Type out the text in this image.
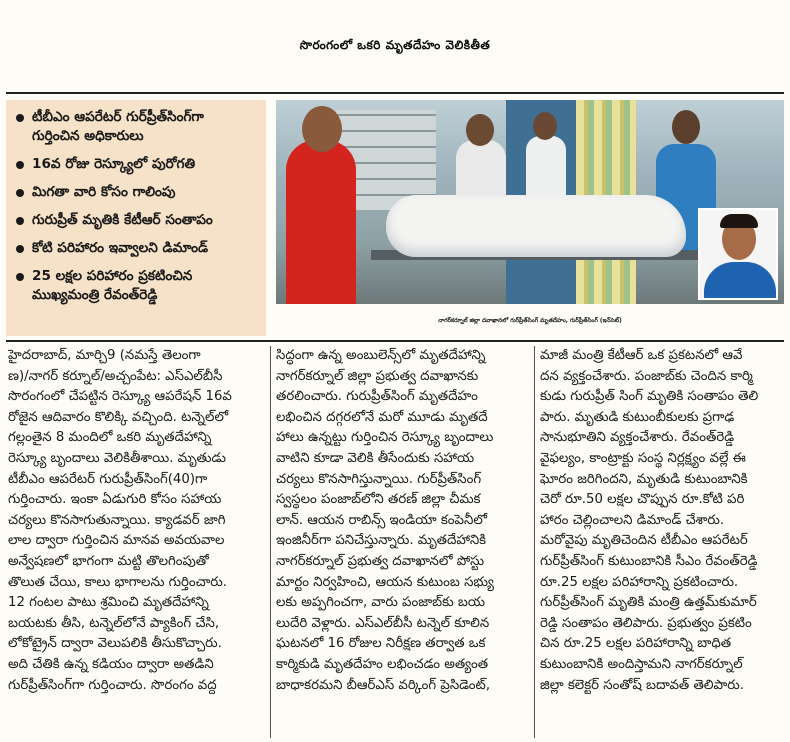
సొరంగంలో ఒకరి మృతదేహం వెలికితీత
టీబీఎం ఆపరేటర్ గుర్‌ప్రీత్‌సింగ్‌గా
గుర్తించిన అధికారులు
16వ రోజు రెస్క్యూలో పురోగతి
మిగతా వారి కోసం గాలింపు
గురుప్రీత్ మృతికి కేటీఆర్ సంతాపం
కోటి పరిహారం ఇవ్వాలని డిమాండ్
25 లక్షల పరిహారం ప్రకటించిన
ముఖ్యమంత్రి రేవంత్‌రెడ్డి
నాగర్‌కర్నూల్ జిల్లా దవాఖానలో గుర్‌ప్రీత్‌సింగ్ మృతదేహం, గుర్‌ప్రీత్‌సింగ్ (ఇన్‌సెట్)
హైదరాబాద్, మార్చి9 (నమస్తే తెలంగా
ణ)/నాగర్ కర్నూల్/అచ్చంపేట: ఎస్ఎల్‌బీసీ
సొరంగంలో చేపట్టిన రెస్క్యూ ఆపరేషన్ 16వ
రోజైన ఆదివారం కొలిక్కి వచ్చింది. టన్నెల్‌లో
గల్లంతైన 8 మందిలో ఒకరి మృతదేహాన్ని
రెస్క్యూ బృందాలు వెలికితీశాయి. మృతుడు
టీబీఎం ఆపరేటర్ గురుప్రీత్‌సింగ్(40)గా
గుర్తించారు. ఇంకా ఏడుగురి కోసం సహాయ
చర్యలు కొనసాగుతున్నాయి. క్యాడవర్ జాగి
లాల ద్వారా గుర్తించిన మానవ అవయవాల
అన్వేషణలో భాగంగా మట్టి తొలగింపుతో
తొలుత చేయి, కాలు భాగాలను గుర్తించారు.
12 గంటల పాటు శ్రమించి మృతదేహాన్ని
బయటకు తీసి, టన్నెల్‌లోనే ప్యాకింగ్ చేసి,
లోకోట్రైన్ ద్వారా వెలుపలికి తీసుకొచ్చారు.
అది చేతికి ఉన్న కడియం ద్వారా అతడిని
గుర్‌ప్రీత్‌సింగ్‌గా గుర్తించారు. సొరంగం వద్ద
సిద్ధంగా ఉన్న అంబులెన్స్‌లో మృతదేహాన్ని
నాగర్‌కర్నూల్ జిల్లా ప్రభుత్వ దవాఖానకు
తరలించారు. గురుప్రీత్‌సింగ్ మృతదేహం
లభించిన దగ్గరలోనే మరో మూడు మృతదే
హాలు ఉన్నట్టు గుర్తించిన రెస్క్యూ బృందాలు
వాటిని కూడా వెలికి తీసేందుకు సహాయ
చర్యలు కొనసాగిస్తున్నాయి. గుర్‌ప్రీత్‌సింగ్
స్వస్థలం పంజాబ్‌లోని తరణ్ జిల్లా చీమక
లాన్. ఆయన రాబిన్స్ ఇండియా కంపెనీలో
ఇంజినీర్‌గా పనిచేస్తున్నారు. మృతదేహానికి
నాగర్‌కర్నూల్ ప్రభుత్వ దవాఖానలో పోస్టు
మార్టం నిర్వహించి, ఆయన కుటుంబ సభ్యు
లకు అప్పగించగా, వారు పంజాబ్‌కు బయ
లుదేరి వెళ్లారు. ఎస్ఎల్‌బీసీ టన్నెల్ కూలిన
ఘటనలో 16 రోజుల నిరీక్షణ తర్వాత ఒక
కార్మికుడి మృతదేహం లభించడం అత్యంత
బాధాకరమని బీఆర్ఎస్ వర్కింగ్ ప్రెసిడెంట్,
మాజీ మంత్రి కేటీఆర్ ఒక ప్రకటనలో ఆవే
దన వ్యక్తంచేశారు. పంజాబ్‌కు చెందిన కార్మి
కుడు గురుప్రీత్ సింగ్ మృతికి సంతాపం తెలి
పారు. మృతుడి కుటుంబీకులకు ప్రగాఢ
సానుభూతిని వ్యక్తంచేశారు. రేవంత్‌రెడ్డి
వైఫల్యం, కాంట్రాక్టు సంస్థ నిర్లక్ష్యం వల్లే ఈ
ఘోరం జరిగిందని, మృతుడి కుటుంబానికి
చెరో రూ.50 లక్షల చొప్పున రూ.కోటి పరి
హారం చెల్లించాలని డిమాండ్ చేశారు.
మరోవైపు మృతిచెందిన టీబీఎం ఆపరేటర్
గుర్‌ప్రీత్‌సింగ్ కుటుంబానికి సీఎం రేవంత్‌రెడ్డి
రూ.25 లక్షల పరిహారాన్ని ప్రకటించారు.
గుర్‌ప్రీత్‌సింగ్ మృతికి మంత్రి ఉత్తమ్‌కుమార్
రెడ్డి సంతాపం తెలిపారు. ప్రభుత్వం ప్రకటిం
చిన రూ.25 లక్షల పరిహారాన్ని బాధిత
కుటుంబానికి అందిస్తామని నాగర్‌కర్నూల్
జిల్లా కలెక్టర్ సంతోష్ బదావత్ తెలిపారు.
